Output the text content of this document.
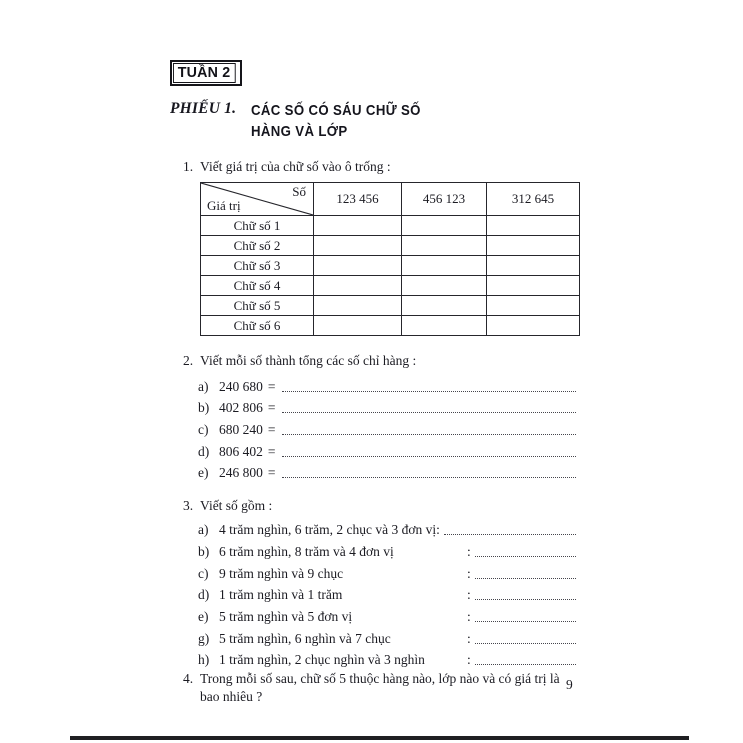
TUẦN 2
PHIẾU 1. CÁC SỐ CÓ SÁU CHỮ SỐ
HÀNG VÀ LỚP
1. Viết giá trị của chữ số vào ô trống :
Số
Giá trị	123 456	456 123	312 645
Chữ số 1			
Chữ số 2			
Chữ số 3			
Chữ số 4			
Chữ số 5			
Chữ số 6			
2. Viết mỗi số thành tổng các số chỉ hàng :
a) 240 680 =
b) 402 806 =
c) 680 240 =
d) 806 402 =
e) 246 800 =
3. Viết số gồm :
a) 4 trăm nghìn, 6 trăm, 2 chục và 3 đơn vị :
b) 6 trăm nghìn, 8 trăm và 4 đơn vị	:
c) 9 trăm nghìn và 9 chục	:
d) 1 trăm nghìn và 1 trăm	:
e) 5 trăm nghìn và 5 đơn vị	:
g) 5 trăm nghìn, 6 nghìn và 7 chục	:
h) 1 trăm nghìn, 2 chục nghìn và 3 nghìn	:
4. Trong mỗi số sau, chữ số 5 thuộc hàng nào, lớp nào và có giá trị là bao nhiêu ?
9
